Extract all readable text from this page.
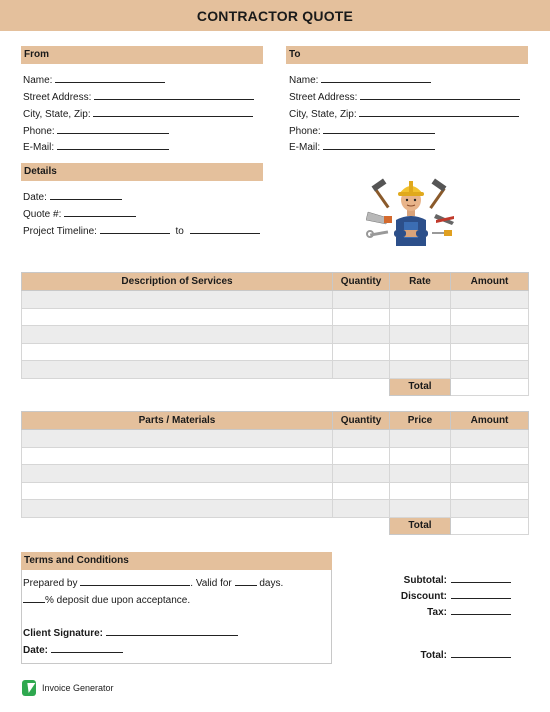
CONTRACTOR QUOTE
From
Name:
Street Address:
City, State, Zip:
Phone:
E-Mail:
To
Name:
Street Address:
City, State, Zip:
Phone:
E-Mail:
Details
Date:
Quote #:
Project Timeline:	to
Description of Services	Quantity	Rate	Amount

		Total	
Parts / Materials	Quantity	Price	Amount

		Total	
Terms and Conditions
Prepared by	. Valid for	days.
% deposit due upon acceptance.
Client Signature:
Date:
Subtotal:
Discount:
Tax:
Total:
Invoice Generator
